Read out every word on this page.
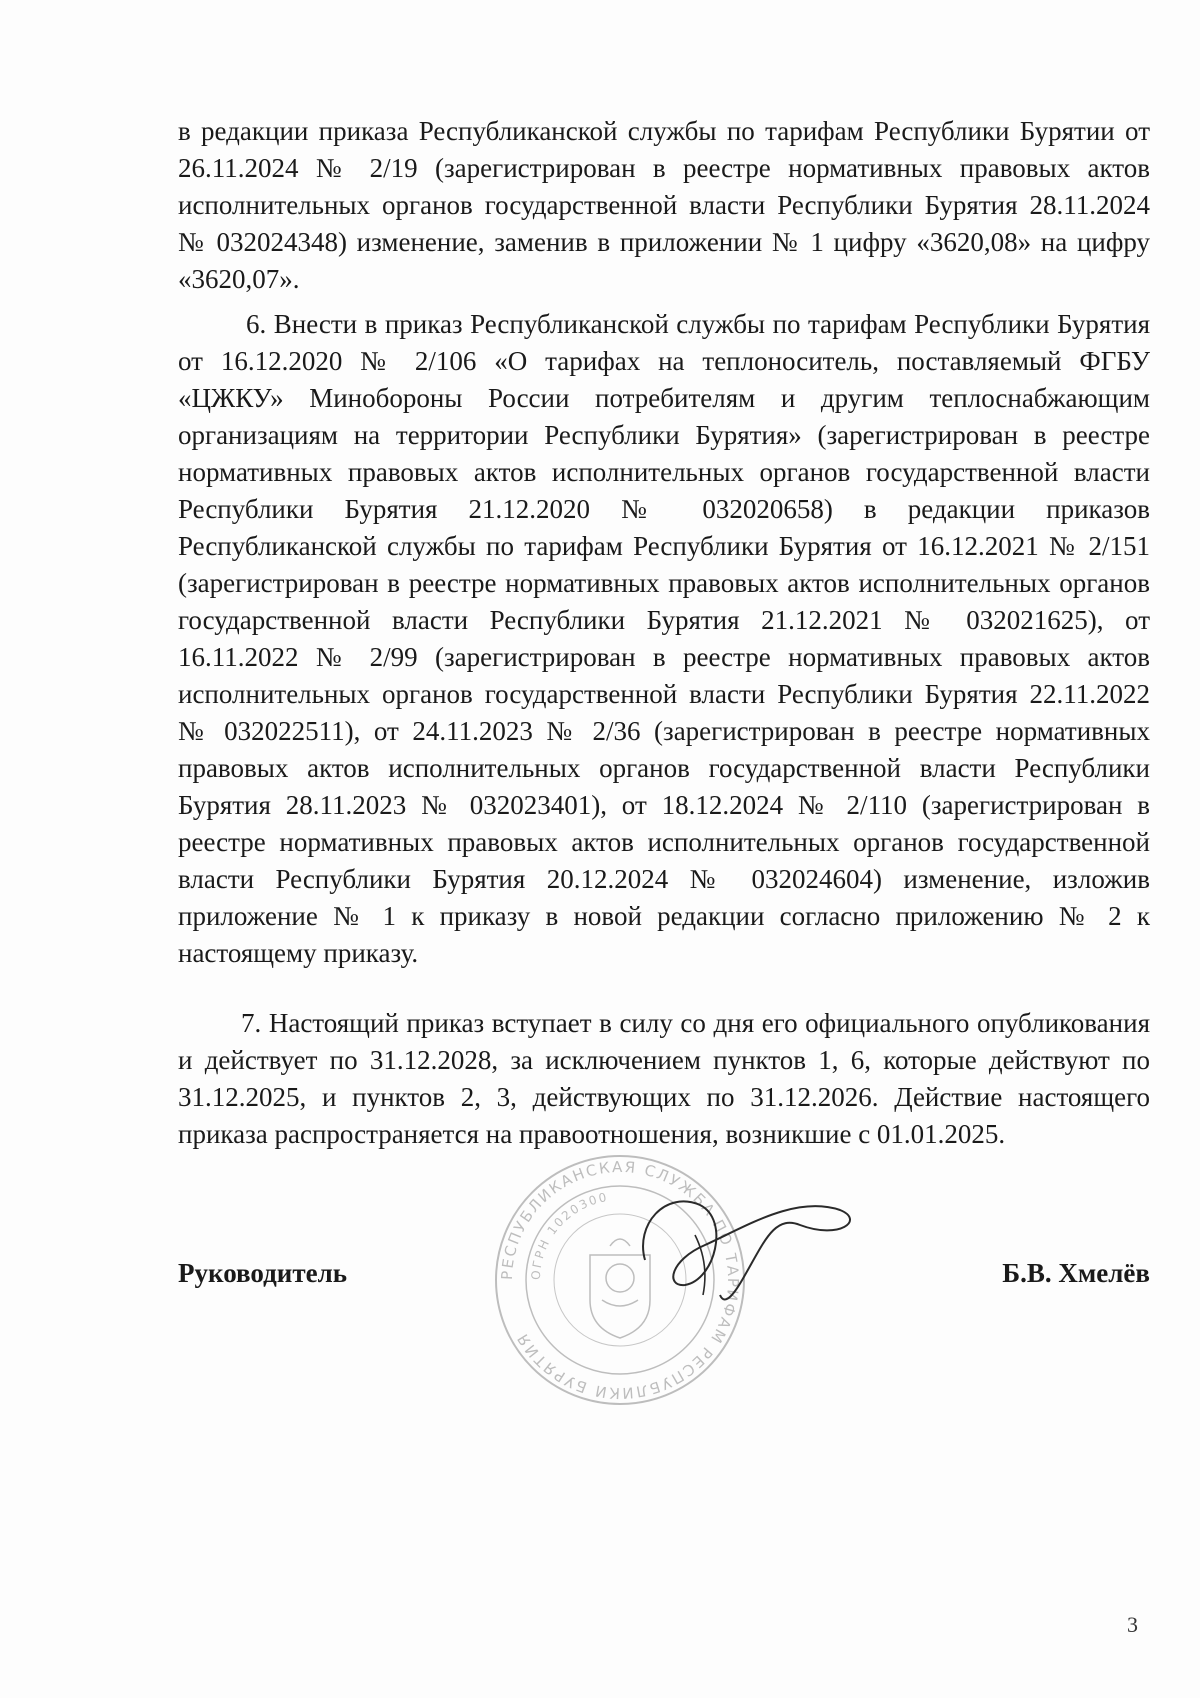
в редакции приказа Республиканской службы по тарифам Республики Бурятии от 26.11.2024 № 2/19 (зарегистрирован в реестре нормативных правовых актов исполнительных органов государственной власти Республики Бурятия 28.11.2024 № 032024348) изменение, заменив в приложении № 1 цифру «3620,08» на цифру «3620,07».
6. Внести в приказ Республиканской службы по тарифам Республики Бурятия от 16.12.2020 № 2/106 «О тарифах на теплоноситель, поставляемый ФГБУ «ЦЖКУ» Минобороны России потребителям и другим теплоснабжающим организациям на территории Республики Бурятия» (зарегистрирован в реестре нормативных правовых актов исполнительных органов государственной власти Республики Бурятия 21.12.2020 № 032020658) в редакции приказов Республиканской службы по тарифам Республики Бурятия от 16.12.2021 № 2/151 (зарегистрирован в реестре нормативных правовых актов исполнительных органов государственной власти Республики Бурятия 21.12.2021 № 032021625), от 16.11.2022 № 2/99 (зарегистрирован в реестре нормативных правовых актов исполнительных органов государственной власти Республики Бурятия 22.11.2022 № 032022511), от 24.11.2023 № 2/36 (зарегистрирован в реестре нормативных правовых актов исполнительных органов государственной власти Республики Бурятия 28.11.2023 № 032023401), от 18.12.2024 № 2/110 (зарегистрирован в реестре нормативных правовых актов исполнительных органов государственной власти Республики Бурятия 20.12.2024 № 032024604) изменение, изложив приложение № 1 к приказу в новой редакции согласно приложению № 2 к настоящему приказу.
7. Настоящий приказ вступает в силу со дня его официального опубликования и действует по 31.12.2028, за исключением пунктов 1, 6, которые действуют по 31.12.2025, и пунктов 2, 3, действующих по 31.12.2026. Действие настоящего приказа распространяется на правоотношения, возникшие с 01.01.2025.
РЕСПУБЛИКАНСКАЯ СЛУЖБА ПО ТАРИФАМ РЕСПУБЛИКИ БУРЯТИЯ
ОГРН 1020300
Руководитель	Б.В. Хмелёв
3
